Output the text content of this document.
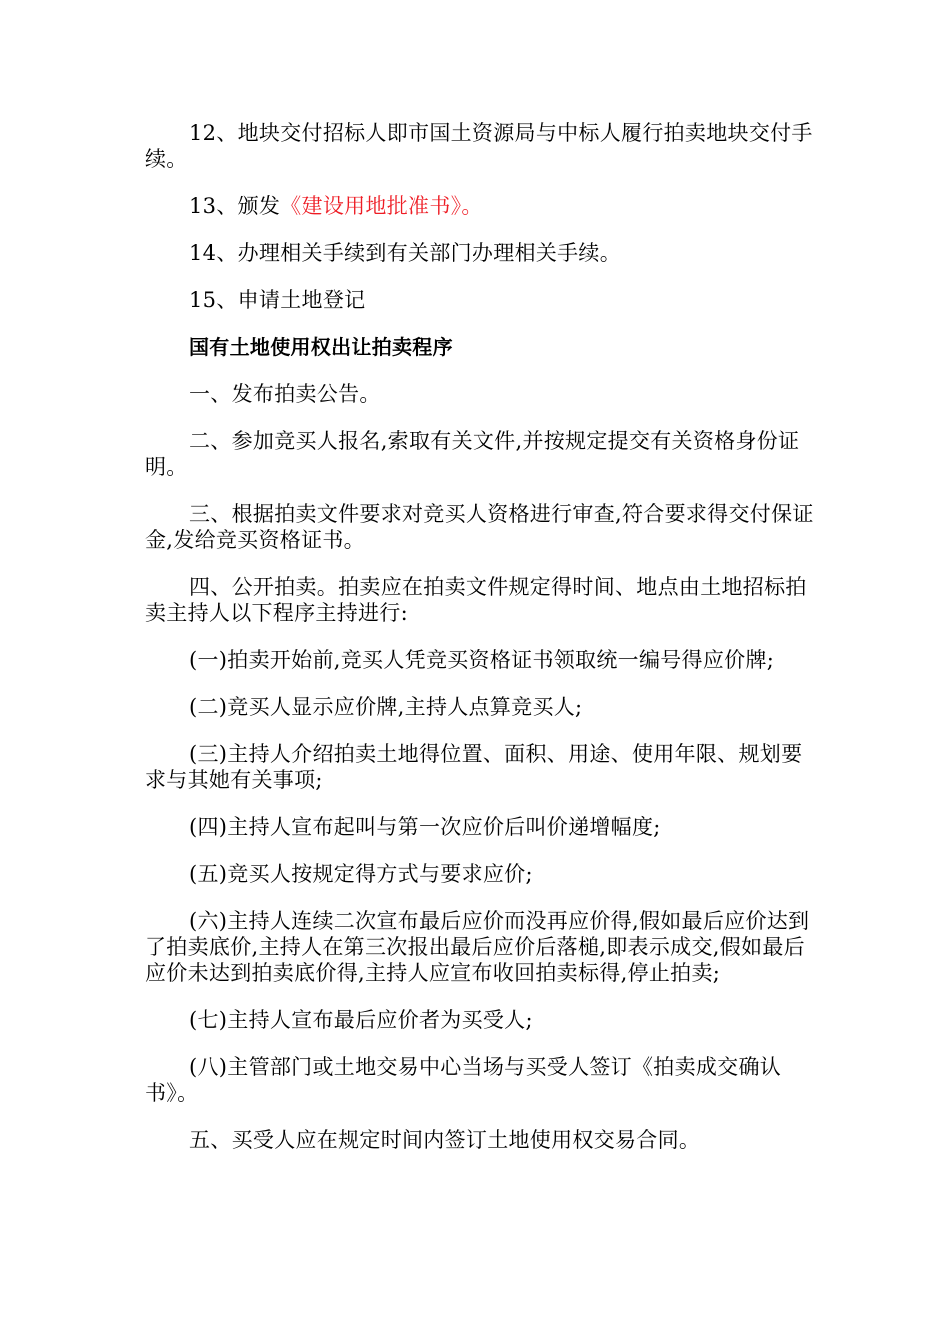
12、地块交付招标人即市国土资源局与中标人履行拍卖地块交付手续。

13、颁发《建设用地批准书》。

14、办理相关手续到有关部门办理相关手续。

15、申请土地登记

国有土地使用权出让拍卖程序

一、发布拍卖公告。

二、参加竞买人报名,索取有关文件,并按规定提交有关资格身份证明。

三、根据拍卖文件要求对竞买人资格进行审查,符合要求得交付保证金,发给竞买资格证书。

四、公开拍卖。拍卖应在拍卖文件规定得时间、地点由土地招标拍卖主持人以下程序主持进行:

(一)拍卖开始前,竞买人凭竞买资格证书领取统一编号得应价牌;

(二)竞买人显示应价牌,主持人点算竞买人;

(三)主持人介绍拍卖土地得位置、面积、用途、使用年限、规划要求与其她有关事项;

(四)主持人宣布起叫与第一次应价后叫价递增幅度;

(五)竞买人按规定得方式与要求应价;

(六)主持人连续二次宣布最后应价而没再应价得,假如最后应价达到了拍卖底价,主持人在第三次报出最后应价后落槌,即表示成交,假如最后应价未达到拍卖底价得,主持人应宣布收回拍卖标得,停止拍卖;

(七)主持人宣布最后应价者为买受人;

(八)主管部门或土地交易中心当场与买受人签订《拍卖成交确认书》。

五、买受人应在规定时间内签订土地使用权交易合同。
